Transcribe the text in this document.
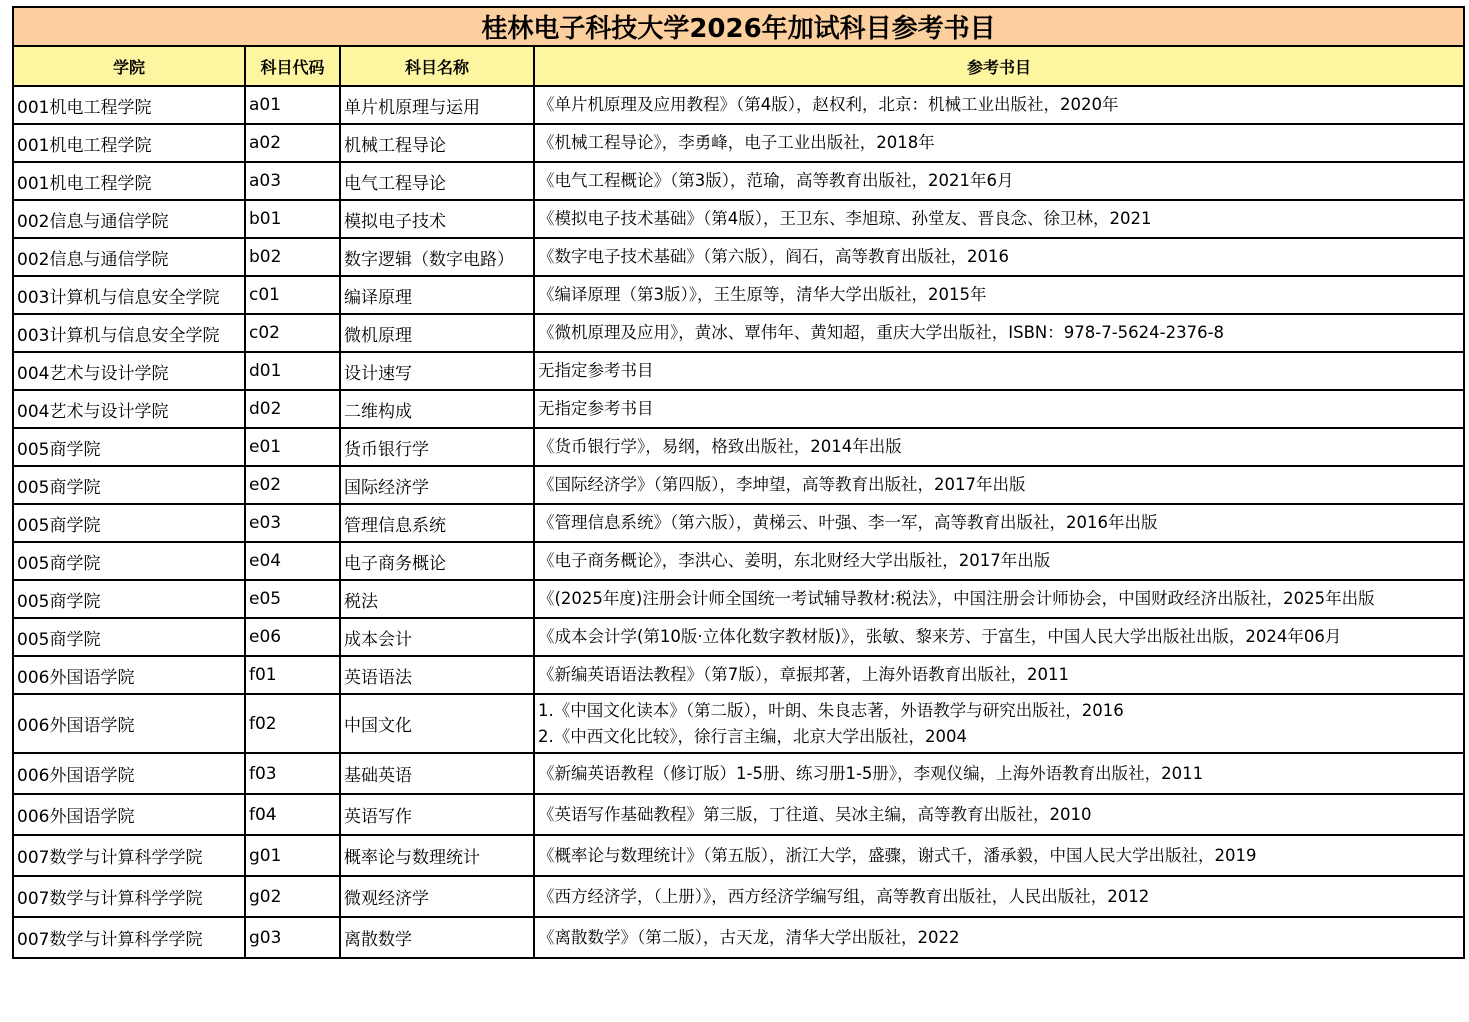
桂林电子科技大学2026年加试科目参考书目			
学院	科目代码	科目名称	参考书目
001机电工程学院	a01	单片机原理与运用	《单片机原理及应用教程》（第4版），赵权利，北京：机械工业出版社，2020年

001机电工程学院	a02	机械工程导论	《机械工程导论》，李勇峰，电子工业出版社，2018年

001机电工程学院	a03	电气工程导论	《电气工程概论》（第3版），范瑜，高等教育出版社，2021年6月

002信息与通信学院	b01	模拟电子技术	《模拟电子技术基础》（第4版），王卫东、李旭琼、孙堂友、晋良念、徐卫林，2021

002信息与通信学院	b02	数字逻辑（数字电路）	《数字电子技术基础》（第六版），阎石，高等教育出版社，2016

003计算机与信息安全学院	c01	编译原理	《编译原理（第3版）》，王生原等，清华大学出版社，2015年

003计算机与信息安全学院	c02	微机原理	《微机原理及应用》，黄冰、覃伟年、黄知超，重庆大学出版社，ISBN：978-7-5624-2376-8

004艺术与设计学院	d01	设计速写	无指定参考书目

004艺术与设计学院	d02	二维构成	无指定参考书目

005商学院	e01	货币银行学	《货币银行学》，易纲，格致出版社，2014年出版

005商学院	e02	国际经济学	《国际经济学》（第四版），李坤望，高等教育出版社，2017年出版

005商学院	e03	管理信息系统	《管理信息系统》（第六版），黄梯云、叶强、李一军，高等教育出版社，2016年出版

005商学院	e04	电子商务概论	《电子商务概论》，李洪心、姜明，东北财经大学出版社，2017年出版

005商学院	e05	税法	《(2025年度)注册会计师全国统一考试辅导教材:税法》，中国注册会计师协会，中国财政经济出版社，2025年出版

005商学院	e06	成本会计	《成本会计学(第10版·立体化数字教材版)》，张敏、黎来芳、于富生，中国人民大学出版社出版，2024年06月

006外国语学院	f01	英语语法	《新编英语语法教程》（第7版），章振邦著，上海外语教育出版社，2011

006外国语学院	f02	中国文化	1.《中国文化读本》（第二版），叶朗、朱良志著，外语教学与研究出版社，2016
2.《中西文化比较》，徐行言主编，北京大学出版社，2004

006外国语学院	f03	基础英语	《新编英语教程（修订版）1-5册、练习册1-5册》，李观仪编，上海外语教育出版社，2011

006外国语学院	f04	英语写作	《英语写作基础教程》第三版，丁往道、吴冰主编，高等教育出版社，2010

007数学与计算科学学院	g01	概率论与数理统计	《概率论与数理统计》（第五版），浙江大学，盛骤，谢式千，潘承毅，中国人民大学出版社，2019

007数学与计算科学学院	g02	微观经济学	《西方经济学，（上册）》，西方经济学编写组，高等教育出版社，人民出版社，2012

007数学与计算科学学院	g03	离散数学	《离散数学》（第二版），古天龙，清华大学出版社，2022
